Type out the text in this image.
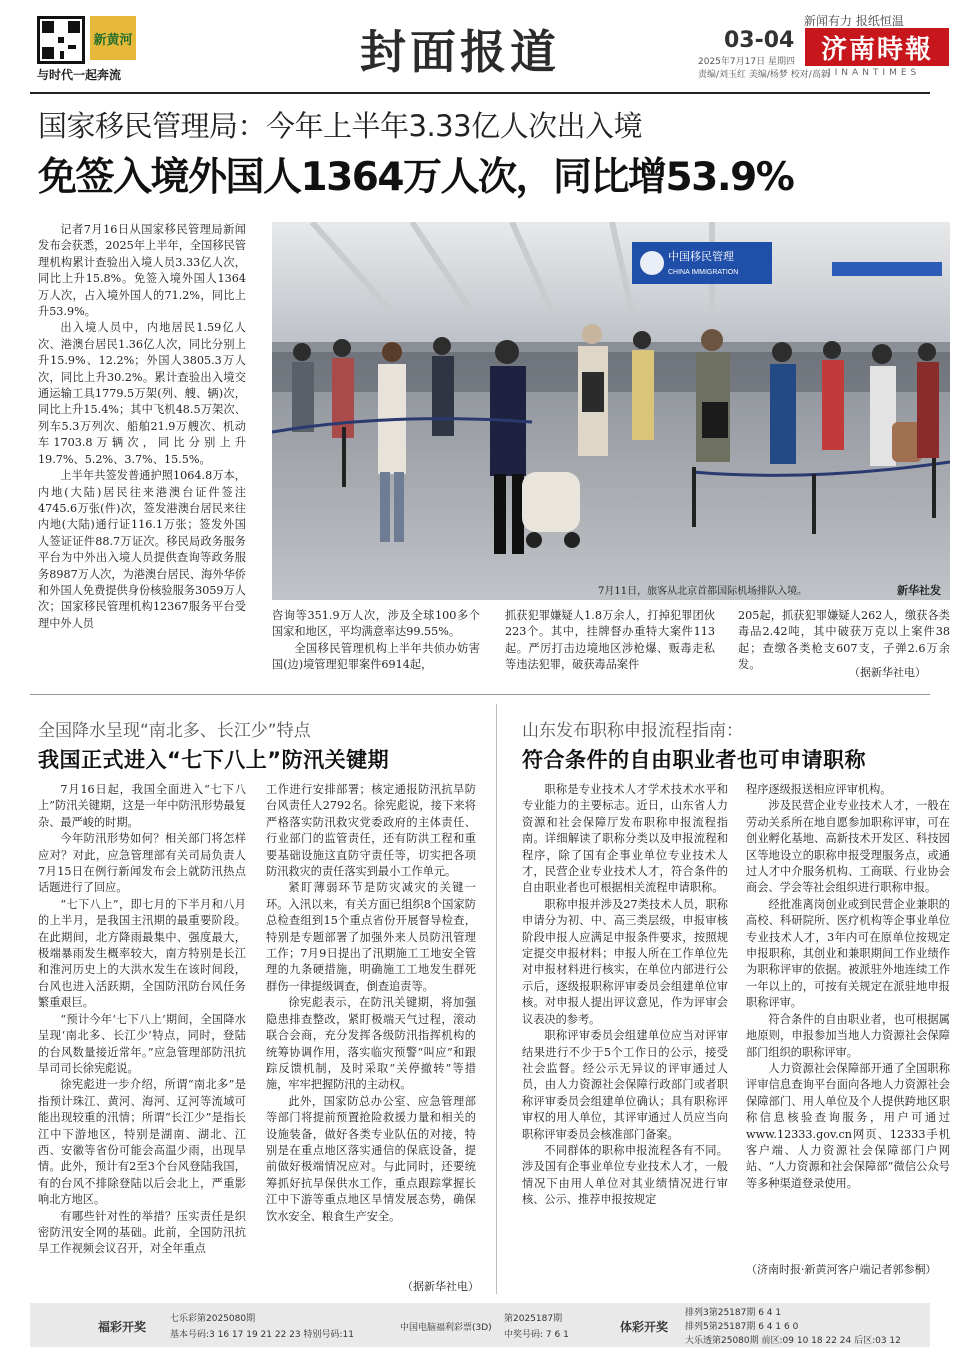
新黄河
与时代一起奔流	封面报道	03-04
2025年7月17日 星期四
责编/刘玉红 美编/杨梦 校对/高新
新闻有力 报纸恒温
济南時報
JINANTIMES
国家移民管理局：今年上半年3.33亿人次出入境
免签入境外国人1364万人次，同比增53.9%

记者7月16日从国家移民管理局新闻发布会获悉，2025年上半年，全国移民管理机构累计查验出入境人员3.33亿人次，同比上升15.8%。免签入境外国人1364万人次，占入境外国人的71.2%，同比上升53.9%。

出入境人员中，内地居民1.59亿人次、港澳台居民1.36亿人次，同比分别上升15.9%、12.2%；外国人3805.3万人次，同比上升30.2%。累计查验出入境交通运输工具1779.5万架(列、艘、辆)次，同比上升15.4%；其中飞机48.5万架次、列车5.3万列次、船舶21.9万艘次、机动车1703.8万辆次，同比分别上升19.7%、5.2%、3.7%、15.5%。

上半年共签发普通护照1064.8万本，内地(大陆)居民往来港澳台证件签注4745.6万张(件)次，签发港澳台居民来往内地(大陆)通行证116.1万张；签发外国人签证证件88.7万证次。移民局政务服务平台为中外出入境人员提供查询等政务服务8987万人次，为港澳台居民、海外华侨和外国人免费提供身份核验服务3059万人次；国家移民管理机构12367服务平台受理中外人员

中国移民管理
CHINA IMMIGRATION
7月11日，旅客从北京首都国际机场排队入境。	新华社发

咨询等351.9万人次，涉及全球100多个国家和地区，平均满意率达99.55%。

全国移民管理机构上半年共侦办妨害国(边)境管理犯罪案件6914起，

抓获犯罪嫌疑人1.8万余人，打掉犯罪团伙223个。其中，挂牌督办重特大案件113起。严厉打击边境地区涉枪爆、贩毒走私等违法犯罪，破获毒品案件

205起，抓获犯罪嫌疑人262人，缴获各类毒品2.42吨，其中破获万克以上案件38起；查缴各类枪支607支，子弹2.6万余发。

（据新华社电）
全国降水呈现“南北多、长江少”特点
我国正式进入“七下八上”防汛关键期

7月16日起，我国全面进入“七下八上”防汛关键期，这是一年中防汛形势最复杂、最严峻的时期。

今年防汛形势如何？相关部门将怎样应对？对此，应急管理部有关司局负责人7月15日在例行新闻发布会上就防汛热点话题进行了回应。

“七下八上”，即七月的下半月和八月的上半月，是我国主汛期的最重要阶段。在此期间，北方降雨最集中、强度最大，极端暴雨发生概率较大，南方特别是长江和淮河历史上的大洪水发生在该时间段，台风也进入活跃期，全国防汛防台风任务繁重艰巨。

“预计今年‘七下八上’期间，全国降水呈现‘南北多、长江少’特点，同时，登陆的台风数量接近常年。”应急管理部防汛抗旱司司长徐宪彪说。

徐宪彪进一步介绍，所谓“南北多”是指预计珠江、黄河、海河、辽河等流域可能出现较重的汛情；所谓“长江少”是指长江中下游地区，特别是湖南、湖北、江西、安徽等省份可能会高温少雨，出现旱情。此外，预计有2至3个台风登陆我国，有的台风不排除登陆以后会北上，严重影响北方地区。

有哪些针对性的举措？压实责任是织密防汛安全网的基础。此前，全国防汛抗旱工作视频会议召开，对全年重点

工作进行安排部署；核定通报防汛抗旱防台风责任人2792名。徐宪彪说，接下来将严格落实防汛救灾党委政府的主体责任、行业部门的监管责任，还有防洪工程和重要基础设施这直防守责任等，切实把各项防汛救灾的责任落实到最小工作单元。

紧盯薄弱环节是防灾减灾的关键一环。入汛以来，有关方面已组织8个国家防总检查组到15个重点省份开展督导检查，特别是专题部署了加强外来人员防汛管理工作；7月9日提出了汛期施工工地安全管理的九条硬措施，明确施工工地发生群死群伤一律提级调查，倒查追责等。

徐宪彪表示，在防汛关键期，将加强隐患排查整改，紧盯极端天气过程，滚动联合会商，充分发挥各级防汛指挥机构的统筹协调作用，落实临灾预警“叫应”和跟踪反馈机制，及时采取“关停撤转”等措施，牢牢把握防汛的主动权。

此外，国家防总办公室、应急管理部等部门将提前预置抢险救援力量和相关的设施装备，做好各类专业队伍的对接，特别是在重点地区落实通信的保底设备，提前做好极端情况应对。与此同时，还要统筹抓好抗旱保供水工作，重点跟踪掌握长江中下游等重点地区旱情发展态势，确保饮水安全、粮食生产安全。

（据新华社电）
山东发布职称申报流程指南：
符合条件的自由职业者也可申请职称

职称是专业技术人才学术技术水平和专业能力的主要标志。近日，山东省人力资源和社会保障厅发布职称申报流程指南。详细解读了职称分类以及申报流程和程序，除了国有企事业单位专业技术人才，民营企业专业技术人才，符合条件的自由职业者也可根据相关流程申请职称。

职称申报并涉及27类技术人员，职称申请分为初、中、高三类层级，申报审核阶段申报人应满足申报条件要求，按照规定提交申报材料；申报人所在工作单位先对申报材料进行核实，在单位内部进行公示后，逐级报职称评审委员会组建单位审核。对申报人提出评议意见，作为评审会议表决的参考。

职称评审委员会组建单位应当对评审结果进行不少于5个工作日的公示，接受社会监督。经公示无异议的评审通过人员，由人力资源社会保障行政部门或者职称评审委员会组建单位确认；具有职称评审权的用人单位，其评审通过人员应当向职称评审委员会核准部门备案。

不同群体的职称申报流程各有不同。涉及国有企事业单位专业技术人才，一般情况下由用人单位对其业绩情况进行审核、公示、推荐申报按规定

程序逐级报送相应评审机构。

涉及民营企业专业技术人才，一般在劳动关系所在地自愿参加职称评审，可在创业孵化基地、高新技术开发区、科技园区等地设立的职称申报受理服务点，或通过人才中介服务机构、工商联、行业协会商会、学会等社会组织进行职称申报。

经批准离岗创业或到民营企业兼职的高校、科研院所、医疗机构等企事业单位专业技术人才，3年内可在原单位按规定申报职称，其创业和兼职期间工作业绩作为职称评审的依据。被派驻外地连续工作一年以上的，可按有关规定在派驻地申报职称评审。

符合条件的自由职业者，也可根据属地原则，申报参加当地人力资源社会保障部门组织的职称评审。

人力资源社会保障部开通了全国职称评审信息查询平台面向各地人力资源社会保障部门、用人单位及个人提供跨地区职称信息核验查询服务，用户可通过www.12333.gov.cn网页、12333手机客户端、人力资源社会保障部门户网站、“人力资源和社会保障部”微信公众号等多种渠道登录使用。

（济南时报·新黄河客户端记者郭参桐）
福彩开奖
七乐彩第2025080期
基本号码:3 16 17 19 21 22 23 特别号码:11
中国电脑福利彩票(3D)
第2025187期
中奖号码: 7 6 1
体彩开奖
排列3第25187期 6 4 1
排列5第25187期 6 4 1 6 0
大乐透第25080期 前区:09 10 18 22 24 后区:03 12
